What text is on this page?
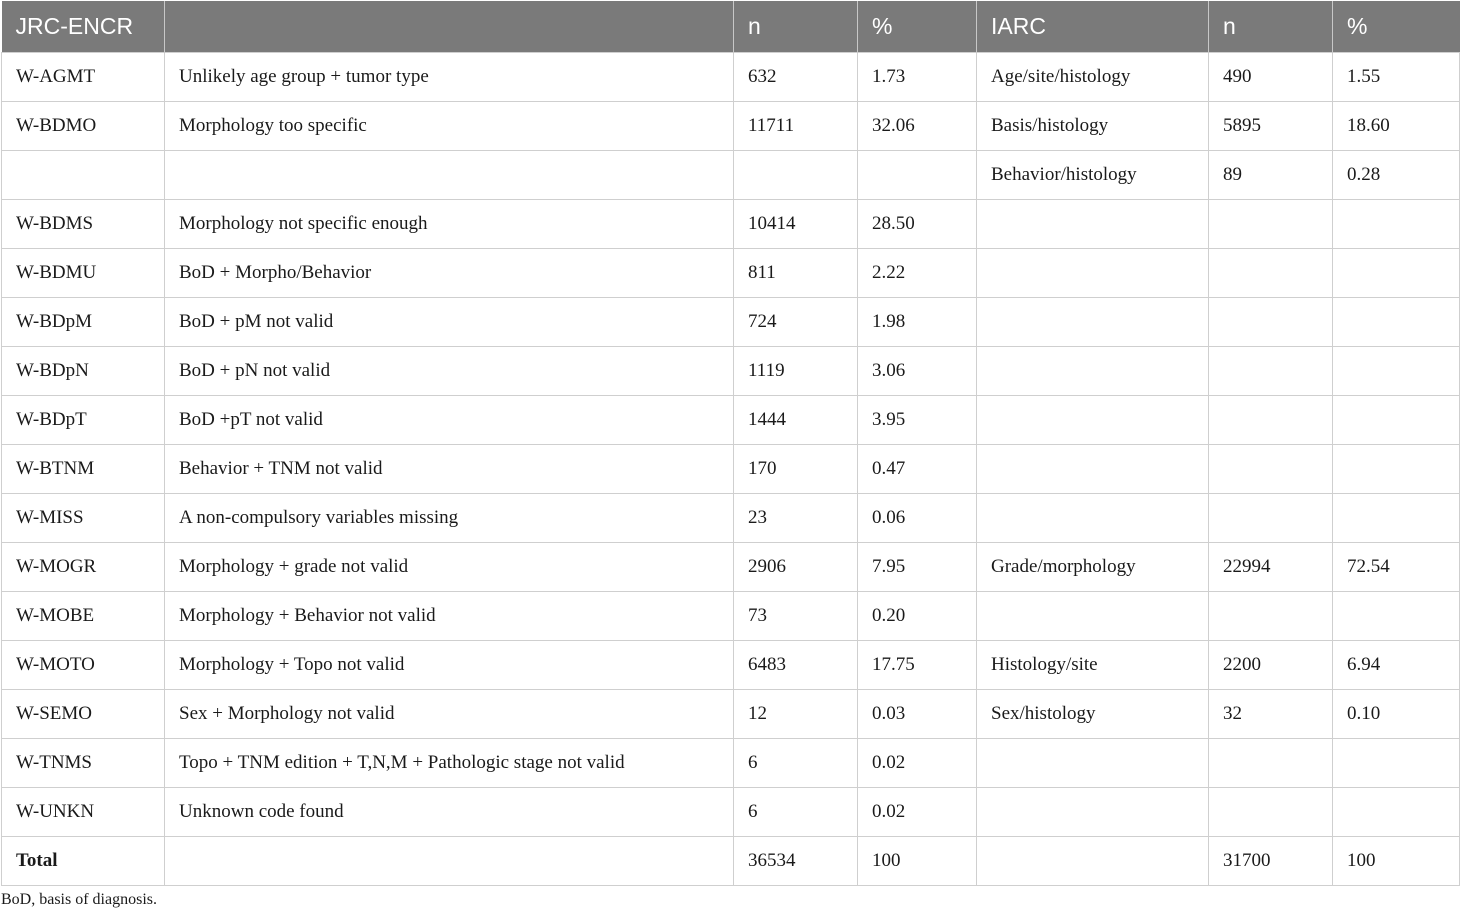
JRC-ENCR		n	%	IARC	n	%
W-AGMT	Unlikely age group + tumor type	632	1.73	Age/site/histology	490	1.55
W-BDMO	Morphology too specific	11711	32.06	Basis/histology	5895	18.60
				Behavior/histology	89	0.28
W-BDMS	Morphology not specific enough	10414	28.50			
W-BDMU	BoD + Morpho/Behavior	811	2.22			
W-BDpM	BoD + pM not valid	724	1.98			
W-BDpN	BoD + pN not valid	1119	3.06			
W-BDpT	BoD +pT not valid	1444	3.95			
W-BTNM	Behavior + TNM not valid	170	0.47			
W-MISS	A non-compulsory variables missing	23	0.06			
W-MOGR	Morphology + grade not valid	2906	7.95	Grade/morphology	22994	72.54
W-MOBE	Morphology + Behavior not valid	73	0.20			
W-MOTO	Morphology + Topo not valid	6483	17.75	Histology/site	2200	6.94
W-SEMO	Sex + Morphology not valid	12	0.03	Sex/histology	32	0.10
W-TNMS	Topo + TNM edition + T,N,M + Pathologic stage not valid	6	0.02			
W-UNKN	Unknown code found	6	0.02			
Total		36534	100		31700	100
BoD, basis of diagnosis.
